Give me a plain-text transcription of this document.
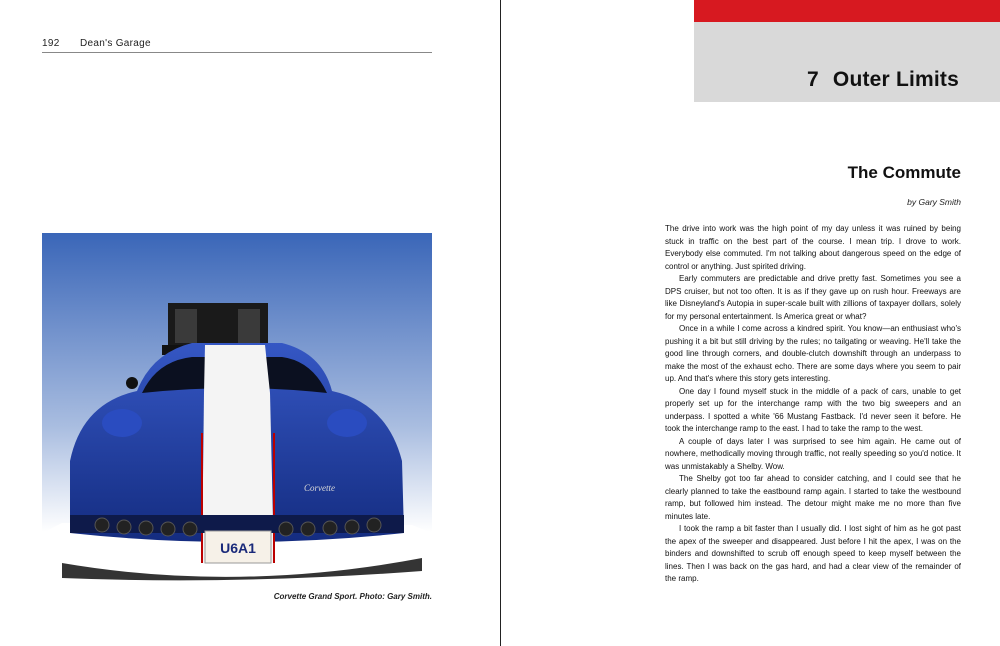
192 Dean's Garage
U6A1
Corvette
Corvette Grand Sport. Photo: Gary Smith.
7 Outer Limits
The Commute
by Gary Smith

The drive into work was the high point of my day unless it was ruined by being stuck in traffic on the best part of the course. I mean trip. I drove to work. Everybody else commuted. I'm not talking about dangerous speed on the edge of control or anything. Just spirited driving.

Early commuters are predictable and drive pretty fast. Sometimes you see a DPS cruiser, but not too often. It is as if they gave up on rush hour. Freeways are like Disneyland's Autopia in super-scale built with zillions of taxpayer dollars, solely for my personal entertainment. Is America great or what?

Once in a while I come across a kindred spirit. You know—an enthusiast who's pushing it a bit but still driving by the rules; no tailgating or weaving. He'll take the good line through corners, and double-clutch downshift through an underpass to make the most of the exhaust echo. There are some days where you seem to pair up. And that's where this story gets interesting.

One day I found myself stuck in the middle of a pack of cars, unable to get properly set up for the interchange ramp with the two big sweepers and an underpass. I spotted a white '66 Mustang Fastback. I'd never seen it before. He took the interchange ramp to the east. I had to take the ramp to the west.

A couple of days later I was surprised to see him again. He came out of nowhere, methodically moving through traffic, not really speeding so you'd notice. It was unmistakably a Shelby. Wow.

The Shelby got too far ahead to consider catching, and I could see that he clearly planned to take the eastbound ramp again. I started to take the westbound ramp, but followed him instead. The detour might make me no more than five minutes late.

I took the ramp a bit faster than I usually did. I lost sight of him as he got past the apex of the sweeper and disappeared. Just before I hit the apex, I was on the binders and downshifted to scrub off enough speed to keep myself between the lines. Then I was back on the gas hard, and had a clear view of the remainder of the ramp.
